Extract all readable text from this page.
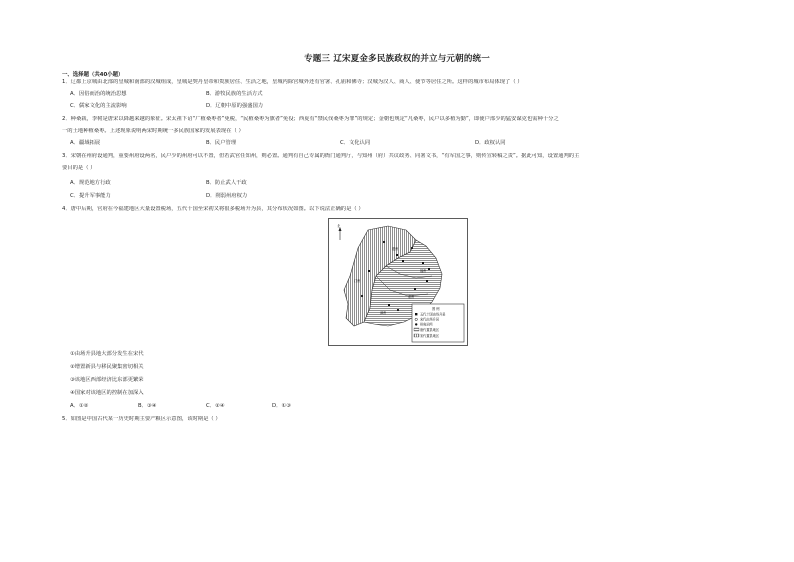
专题三 辽宋夏金多民族政权的并立与元朝的统一
一、选择题（共40小题）
1．辽都上京城由北部的皇城和南部的汉城组成，皇城是契丹皇帝和贵族居住、生活之地，皇城内除宫城外还有官署、孔庙和佛寺；汉城为汉人、商人、使节等居住之所。这样的城市布局体现了（ ）
A．因俗而治的统治思想	B．游牧民族的生活方式
C．儒家文化的主流影响	D．辽朝中原的强盛国力
2．种桑栽，李树是唐宋以降越来越的象征。宋太祖下诏“广植桑枣者”免税，“民植桑枣为旗者”免役；西夏有“禁民伐桑枣为罪”的规定；金朝也规定“凡桑枣，民户以多植为勤”，即使户部少的猛安谋克也需种十分之
一的土地种植桑枣。上述现象说明两宋时期统一多民族国家的发展表现在（ ）
A．疆域拓展	B．民户管理	C．文化认同	D．政权认同
3．宋朝在州府设通判，重要州府设两名，民户少的州府可以不置，但若武官任知州，则必置。通判有自己专属的衙门通判厅，与知州（府）共议政务、同署文书，“有军国之事，则传宣转稿之责”。据此可知，设置通判的主
要目的是（ ）
A．规范地方行政	B．防止武人干政
C．提升军事能力	D．削弱州府权力
4．唐中后期，官府在今福建地区大量设置税场，五代十国至宋初又将很多税场升为县，其分布状况如图。以下说法正确的是（ ）
北
建州
福州
泉州
汀州
漳州
图 例
五代十国由场升县
宋代由场升县
州府治所
唐代置县地区
宋代置县地区
①由场升县地大部分发生在宋代
②增置新县与移民聚集密切相关
③该地区西部经济比东部更繁荣
④国家对该地区的控制在加深入
A．①②	B．③④	C．②④	D．①③
5．如图是中国古代某一历史时期主要产粮区示意图，该时期是（ ）
